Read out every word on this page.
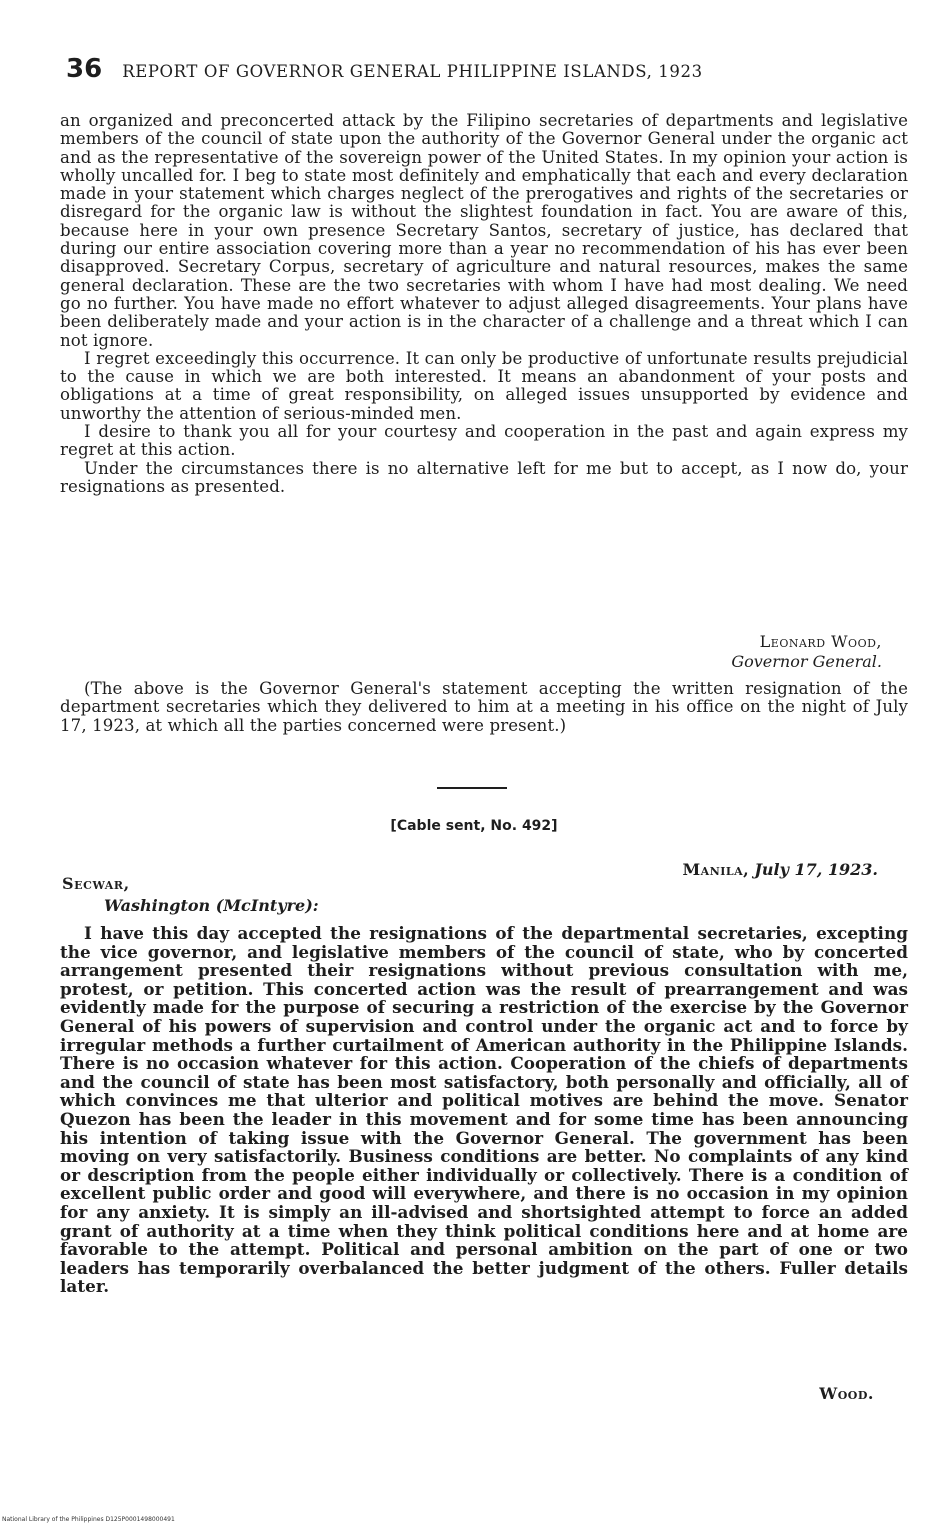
36 REPORT OF GOVERNOR GENERAL PHILIPPINE ISLANDS, 1923

an organized and preconcerted attack by the Filipino secretaries of departments and legislative members of the council of state upon the authority of the Governor General under the organic act and as the representative of the sovereign power of the United States. In my opinion your action is wholly uncalled for. I beg to state most definitely and emphatically that each and every declaration made in your statement which charges neglect of the prerogatives and rights of the secretaries or disregard for the organic law is without the slightest foundation in fact. You are aware of this, because here in your own presence Secretary Santos, secretary of justice, has declared that during our entire association covering more than a year no recommendation of his has ever been disapproved. Secretary Corpus, secretary of agriculture and natural resources, makes the same general declaration. These are the two secretaries with whom I have had most dealing. We need go no further. You have made no effort whatever to adjust alleged disagreements. Your plans have been deliberately made and your action is in the character of a challenge and a threat which I can not ignore.

I regret exceedingly this occurrence. It can only be productive of unfortunate results prejudicial to the cause in which we are both interested. It means an abandonment of your posts and obligations at a time of great responsibility, on alleged issues unsupported by evidence and unworthy the attention of serious-minded men.

I desire to thank you all for your courtesy and cooperation in the past and again express my regret at this action.

Under the circumstances there is no alternative left for me but to accept, as I now do, your resignations as presented.

Leonard Wood,
Governor General.

(The above is the Governor General's statement accepting the written resignation of the department secretaries which they delivered to him at a meeting in his office on the night of July 17, 1923, at which all the parties concerned were present.)

[Cable sent, No. 492]
Manila, July 17, 1923.
Secwar,
Washington (McIntyre):

I have this day accepted the resignations of the departmental secretaries, excepting the vice governor, and legislative members of the council of state, who by concerted arrangement presented their resignations without previous consultation with me, protest, or petition. This concerted action was the result of prearrangement and was evidently made for the purpose of securing a restriction of the exercise by the Governor General of his powers of supervision and control under the organic act and to force by irregular methods a further curtailment of American authority in the Philippine Islands. There is no occasion whatever for this action. Cooperation of the chiefs of departments and the council of state has been most satisfactory, both personally and officially, all of which convinces me that ulterior and political motives are behind the move. Senator Quezon has been the leader in this movement and for some time has been announcing his intention of taking issue with the Governor General. The government has been moving on very satisfactorily. Business conditions are better. No complaints of any kind or description from the people either individually or collectively. There is a condition of excellent public order and good will everywhere, and there is no occasion in my opinion for any anxiety. It is simply an ill-advised and shortsighted attempt to force an added grant of authority at a time when they think political conditions here and at home are favorable to the attempt. Political and personal ambition on the part of one or two leaders has temporarily overbalanced the better judgment of the others. Fuller details later.

Wood.
National Library of the Philippines D125P0001498000491
